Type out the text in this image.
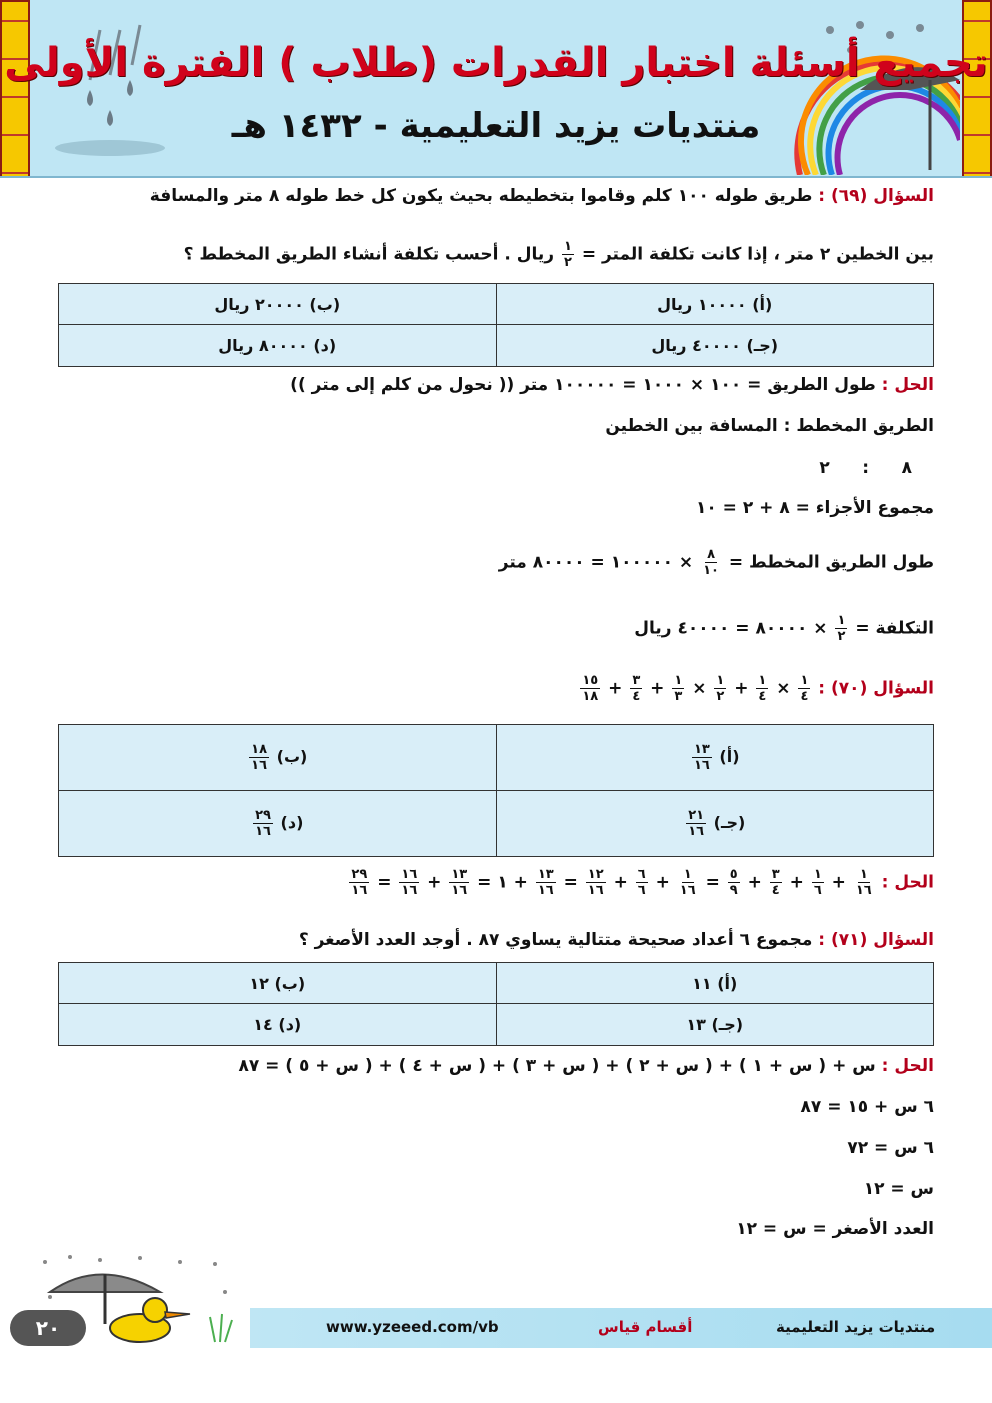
تجميع أسئلة اختبار القدرات (طلاب ) الفترة الأولى
منتديات يزيد التعليمية - ١٤٣٢ هـ
السؤال (٦٩) : طريق طوله ١٠٠ كلم وقاموا بتخطيطه بحيث يكون كل خط طوله ٨ متر والمسافة
بين الخطين ٢ متر ، إذا كانت تكلفة المتر =
$\frac{١}{٢}$
ريال . أحسب تكلفة أنشاء الطريق المخطط ؟
(أ) ١٠٠٠٠ ريال	(ب) ٢٠٠٠٠ ريال
(جـ) ٤٠٠٠٠ ريال	(د) ٨٠٠٠٠ ريال
الحل : طول الطريق = ١٠٠ × ١٠٠٠ = ١٠٠٠٠٠ متر (( نحول من كلم إلى متر ))
الطريق المخطط : المسافة بين الخطين
٨ : ٢
مجموع الأجزاء = ٨ + ٢ = ١٠
طول الطريق المخطط =
$\frac{٨}{١٠}$
× ١٠٠٠٠٠ = ٨٠٠٠٠ متر
التكلفة =
$\frac{١}{٢}$
× ٨٠٠٠٠ = ٤٠٠٠٠ ريال
السؤال (٧٠) :
$\frac{١}{٤}$
×
$\frac{١}{٤}$
+
$\frac{١}{٢}$
×
$\frac{١}{٣}$
+
$\frac{٣}{٤}$
+
$\frac{١٥}{١٨}$
(أ)
$\frac{١٣}{١٦}$	(ب)
$\frac{١٨}{١٦}$

(جـ)
$\frac{٢١}{١٦}$	(د)
$\frac{٢٩}{١٦}$
الحل :
$\frac{١}{١٦}$
+
$\frac{١}{٦}$
+
$\frac{٣}{٤}$
+
$\frac{٥}{٩}$
=
$\frac{١}{١٦}$
+
$\frac{٦}{٦}$
+
$\frac{١٢}{١٦}$
=
$\frac{١٣}{١٦}$
+ ١ =
$\frac{١٣}{١٦}$
+
$\frac{١٦}{١٦}$
=
$\frac{٢٩}{١٦}$
السؤال (٧١) : مجموع ٦ أعداد صحيحة متتالية يساوي ٨٧ . أوجد العدد الأصغر ؟
(أ) ١١	(ب) ١٢
(جـ) ١٣	(د) ١٤
الحل : س + ( س + ١ ) + ( س + ٢ ) + ( س + ٣ ) + ( س + ٤ ) + ( س + ٥ ) = ٨٧
٦ س + ١٥ = ٨٧
٦ س = ٧٢
س = ١٢
العدد الأصغر = س = ١٢
٢٠	www.yzeeed.com/vb	أقسام قياس	منتديات يزيد التعليمية
